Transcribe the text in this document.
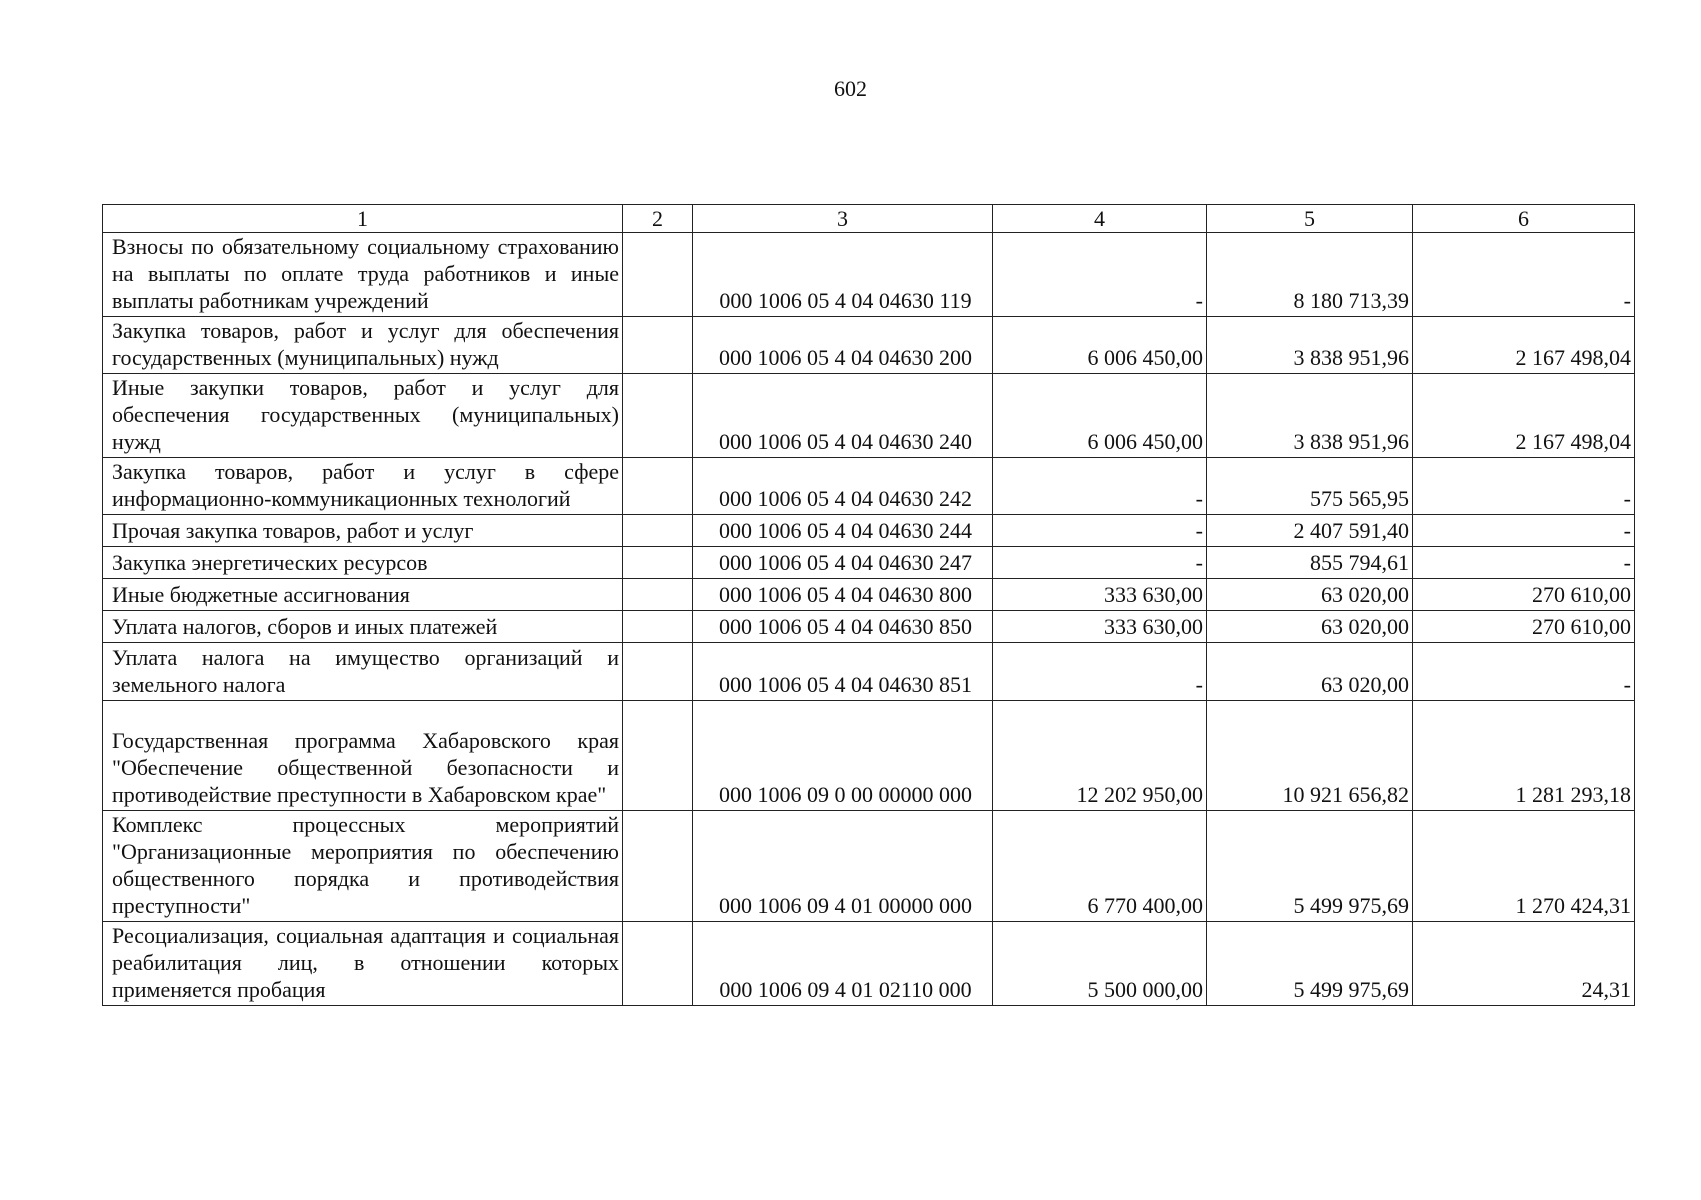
602
1	2	3	4	5	6
Взносы по обязательному социальному страхованию на выплаты по оплате труда работников и иные выплаты работникам учреждений		000 1006 05 4 04 04630 119	-	8 180 713,39	-
Закупка товаров, работ и услуг для обеспечения государственных (муниципальных) нужд		000 1006 05 4 04 04630 200	6 006 450,00	3 838 951,96	2 167 498,04
Иные закупки товаров, работ и услуг для обеспечения государственных (муниципальных) нужд		000 1006 05 4 04 04630 240	6 006 450,00	3 838 951,96	2 167 498,04
Закупка товаров, работ и услуг в сфере информационно-коммуникационных технологий		000 1006 05 4 04 04630 242	-	575 565,95	-
Прочая закупка товаров, работ и услуг		000 1006 05 4 04 04630 244	-	2 407 591,40	-
Закупка энергетических ресурсов		000 1006 05 4 04 04630 247	-	855 794,61	-
Иные бюджетные ассигнования		000 1006 05 4 04 04630 800	333 630,00	63 020,00	270 610,00
Уплата налогов, сборов и иных платежей		000 1006 05 4 04 04630 850	333 630,00	63 020,00	270 610,00
Уплата налога на имущество организаций и земельного налога		000 1006 05 4 04 04630 851	-	63 020,00	-
Государственная программа Хабаровского края "Обеспечение общественной безопасности и противодействие преступности в Хабаровском крае"		000 1006 09 0 00 00000 000	12 202 950,00	10 921 656,82	1 281 293,18
Комплекс процессных мероприятий "Организационные мероприятия по обеспечению общественного порядка и противодействия преступности"		000 1006 09 4 01 00000 000	6 770 400,00	5 499 975,69	1 270 424,31
Ресоциализация, социальная адаптация и социальная реабилитация лиц, в отношении которых применяется пробация		000 1006 09 4 01 02110 000	5 500 000,00	5 499 975,69	24,31
